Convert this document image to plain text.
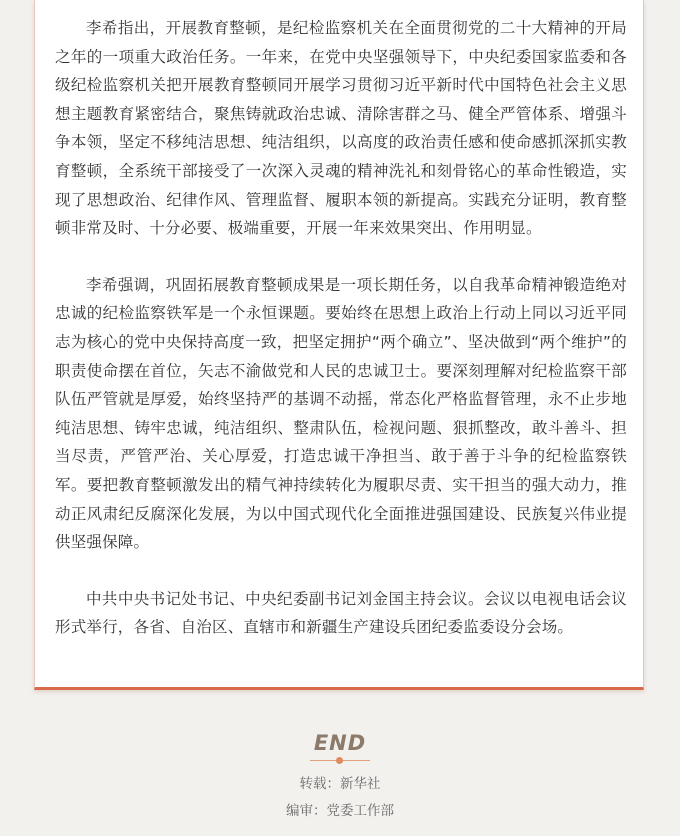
李希指出，开展教育整顿，是纪检监察机关在全面贯彻党的二十大精神的开局之年的一项重大政治任务。一年来，在党中央坚强领导下，中央纪委国家监委和各级纪检监察机关把开展教育整顿同开展学习贯彻习近平新时代中国特色社会主义思想主题教育紧密结合，聚焦铸就政治忠诚、清除害群之马、健全严管体系、增强斗争本领，坚定不移纯洁思想、纯洁组织，以高度的政治责任感和使命感抓深抓实教育整顿，全系统干部接受了一次深入灵魂的精神洗礼和刻骨铭心的革命性锻造，实现了思想政治、纪律作风、管理监督、履职本领的新提高。实践充分证明，教育整顿非常及时、十分必要、极端重要，开展一年来效果突出、作用明显。

李希强调，巩固拓展教育整顿成果是一项长期任务，以自我革命精神锻造绝对忠诚的纪检监察铁军是一个永恒课题。要始终在思想上政治上行动上同以习近平同志为核心的党中央保持高度一致，把坚定拥护“两个确立”、坚决做到“两个维护”的职责使命摆在首位，矢志不渝做党和人民的忠诚卫士。要深刻理解对纪检监察干部队伍严管就是厚爱，始终坚持严的基调不动摇，常态化严格监督管理，永不止步地纯洁思想、铸牢忠诚，纯洁组织、整肃队伍，检视问题、狠抓整改，敢斗善斗、担当尽责，严管严治、关心厚爱，打造忠诚干净担当、敢于善于斗争的纪检监察铁军。要把教育整顿激发出的精气神持续转化为履职尽责、实干担当的强大动力，推动正风肃纪反腐深化发展，为以中国式现代化全面推进强国建设、民族复兴伟业提供坚强保障。

中共中央书记处书记、中央纪委副书记刘金国主持会议。会议以电视电话会议形式举行，各省、自治区、直辖市和新疆生产建设兵团纪委监委设分会场。

END
转载：新华社
编审：党委工作部
